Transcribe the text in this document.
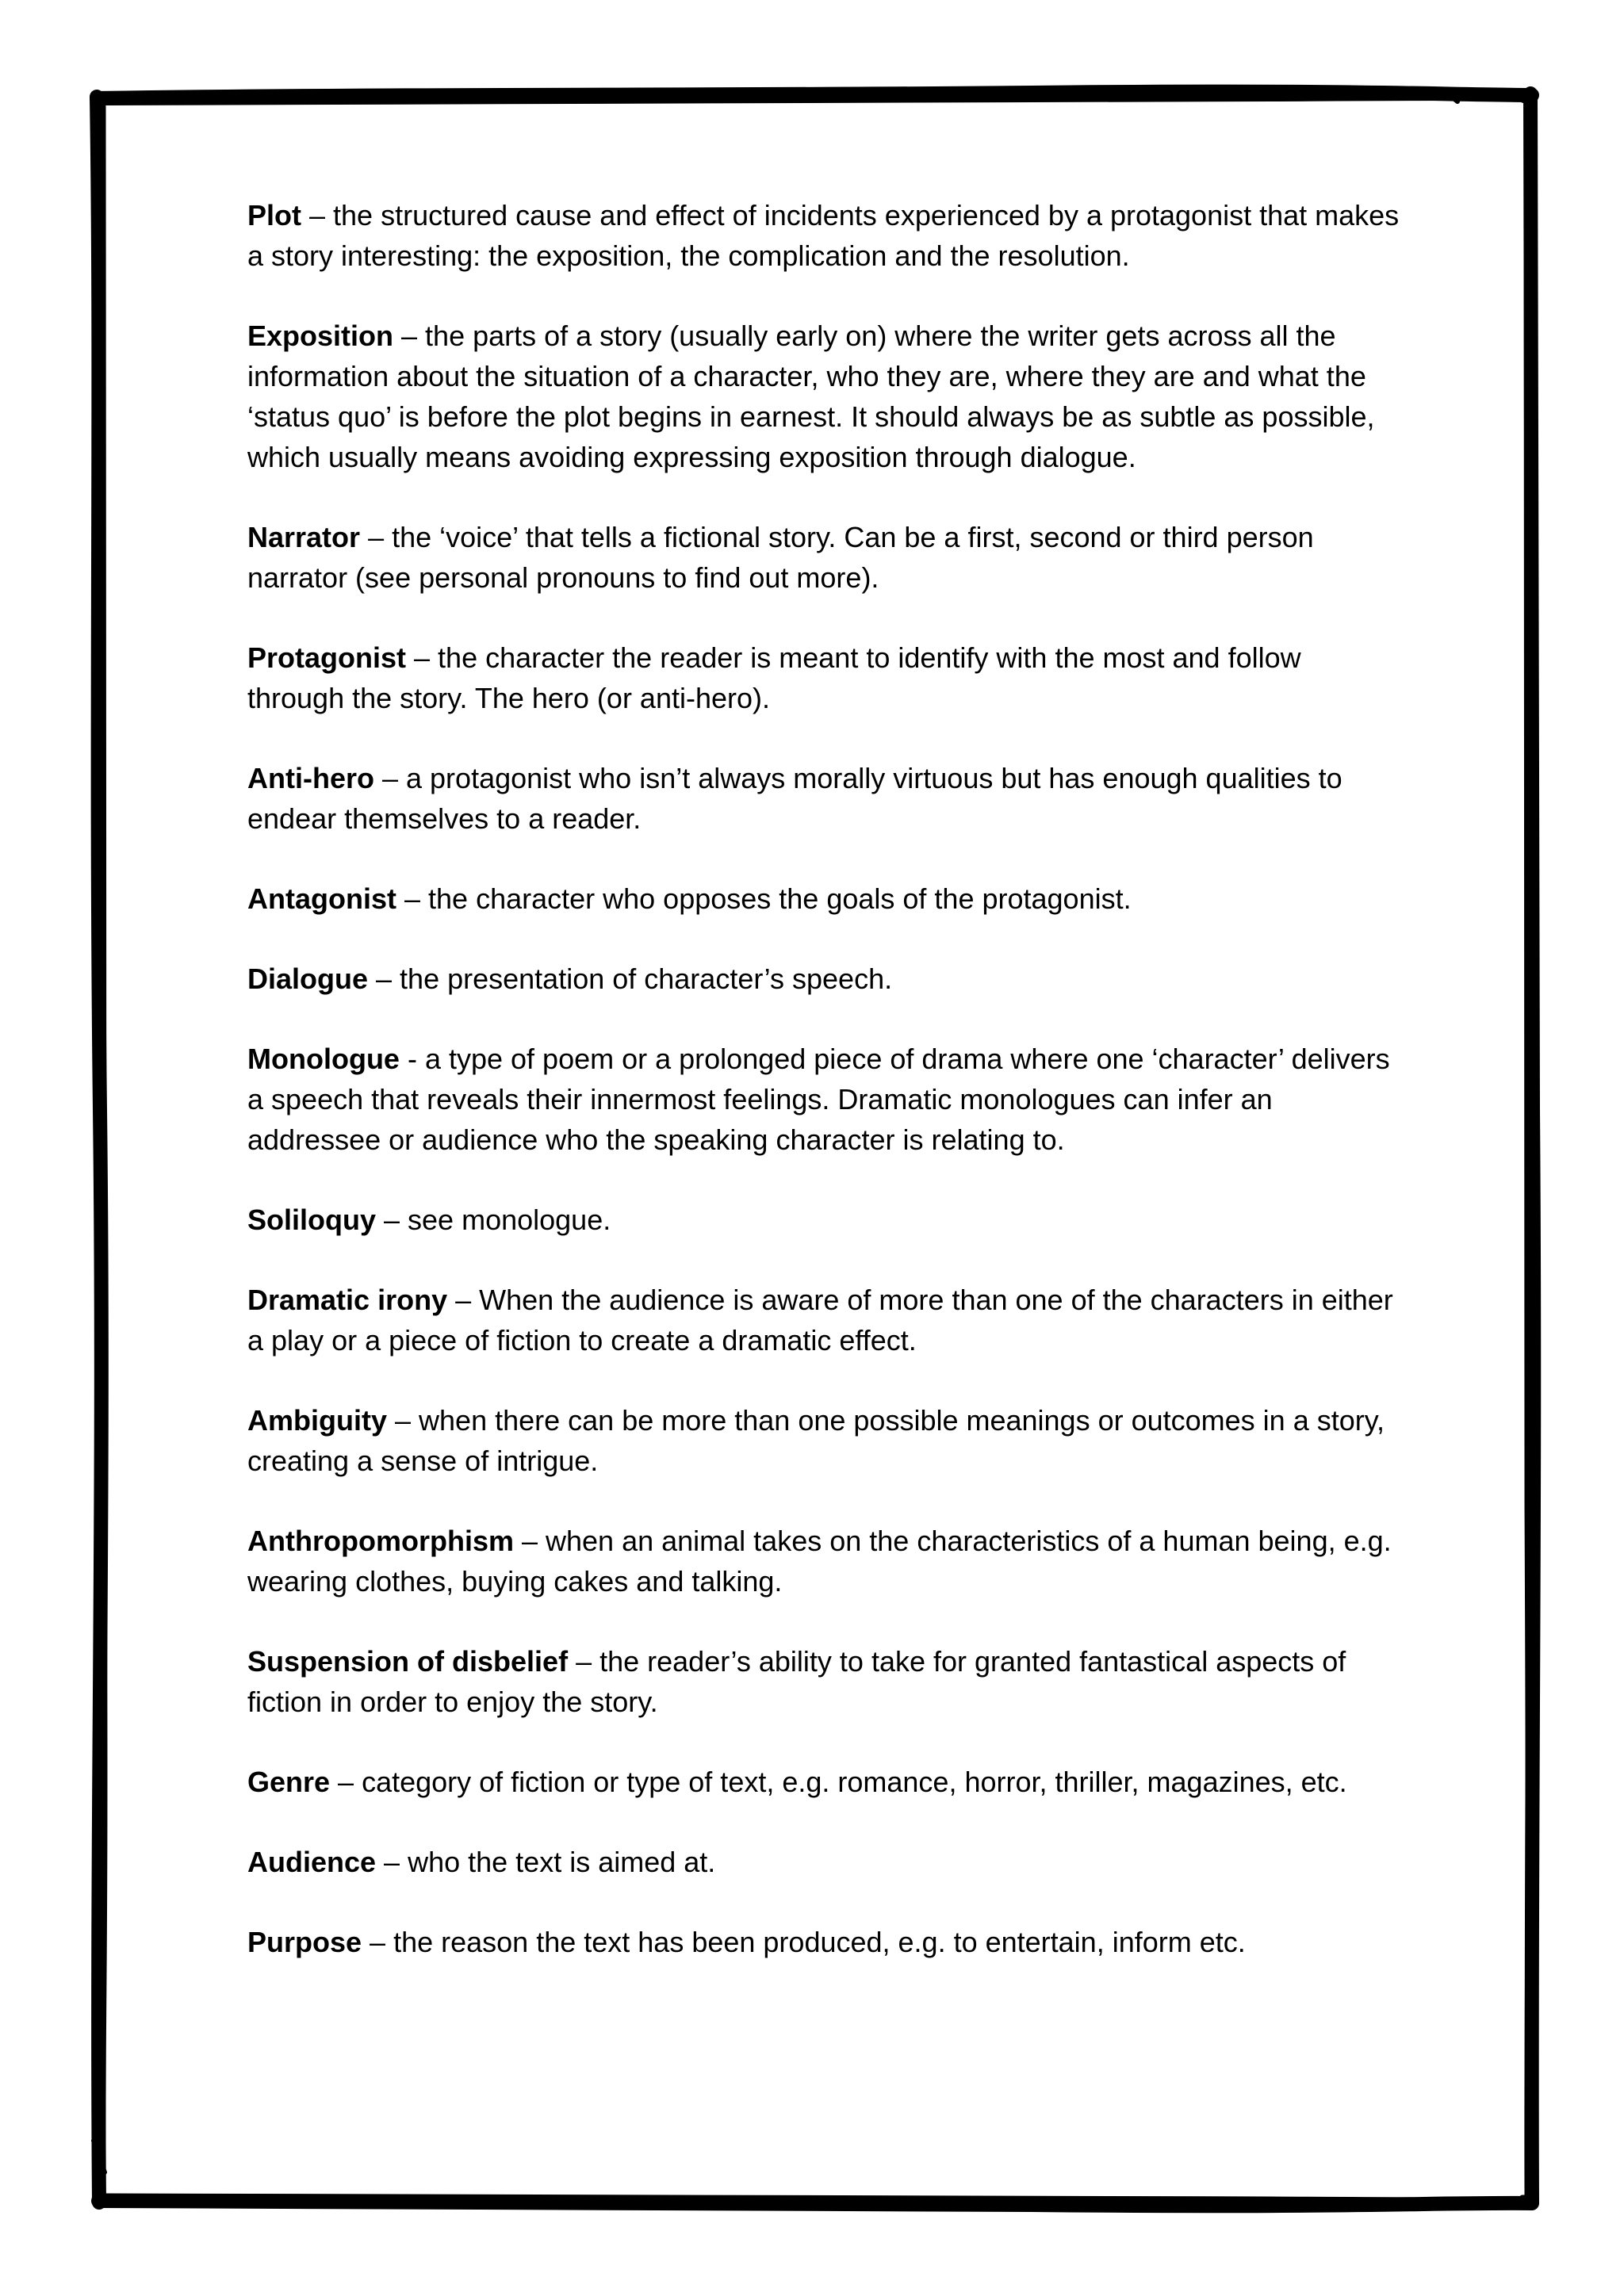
Plot – the structured cause and effect of incidents experienced by a protagonist that makes a story interesting: the exposition, the complication and the resolution.

Exposition – the parts of a story (usually early on) where the writer gets across all the information about the situation of a character, who they are, where they are and what the ‘status quo’ is before the plot begins in earnest. It should always be as subtle as possible, which usually means avoiding expressing exposition through dialogue.

Narrator – the ‘voice’ that tells a fictional story. Can be a first, second or third person narrator (see personal pronouns to find out more).

Protagonist – the character the reader is meant to identify with the most and follow through the story. The hero (or anti-hero).

Anti-hero – a protagonist who isn’t always morally virtuous but has enough qualities to endear themselves to a reader.

Antagonist – the character who opposes the goals of the protagonist.

Dialogue – the presentation of character’s speech.

Monologue - a type of poem or a prolonged piece of drama where one ‘character’ delivers a speech that reveals their innermost feelings. Dramatic monologues can infer an addressee or audience who the speaking character is relating to.

Soliloquy – see monologue.

Dramatic irony – When the audience is aware of more than one of the characters in either a play or a piece of fiction to create a dramatic effect.

Ambiguity – when there can be more than one possible meanings or outcomes in a story, creating a sense of intrigue.

Anthropomorphism – when an animal takes on the characteristics of a human being, e.g. wearing clothes, buying cakes and talking.

Suspension of disbelief – the reader’s ability to take for granted fantastical aspects of fiction in order to enjoy the story.

Genre – category of fiction or type of text, e.g. romance, horror, thriller, magazines, etc.

Audience – who the text is aimed at.

Purpose – the reason the text has been produced, e.g. to entertain, inform etc.
